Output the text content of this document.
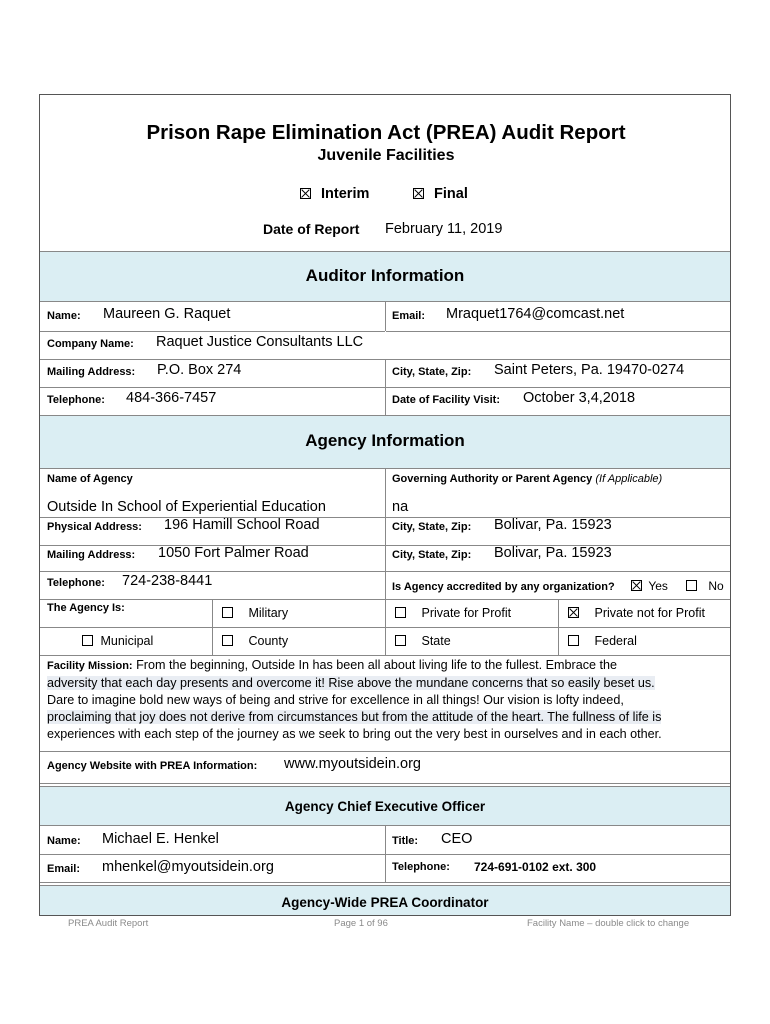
Prison Rape Elimination Act (PREA) Audit Report
Juvenile Facilities
Interim	Final
Date of Report February 11, 2019
Auditor Information
Name: Maureen G. Raquet	Email: Mraquet1764@comcast.net
Company Name: Raquet Justice Consultants LLC
Mailing Address: P.O. Box 274	City, State, Zip: Saint Peters, Pa. 19470-0274
Telephone: 484-366-7457	Date of Facility Visit: October 3,4,2018
Agency Information
Name of Agency
Outside In School of Experiential Education
Governing Authority or Parent Agency (If Applicable)
na
Physical Address: 196 Hamill School Road	City, State, Zip: Bolivar, Pa. 15923
Mailing Address: 1050 Fort Palmer Road	City, State, Zip: Bolivar, Pa. 15923
Telephone: 724-238-8441	Is Agency accredited by any organization?	Yes	No
The Agency Is:	Military	Private for Profit	Private not for Profit
Municipal	County	State	Federal
Facility Mission: From the beginning, Outside In has been all about living life to the fullest. Embrace the
adversity that each day presents and overcome it! Rise above the mundane concerns that so easily beset us.
Dare to imagine bold new ways of being and strive for excellence in all things! Our vision is lofty indeed,
proclaiming that joy does not derive from circumstances but from the attitude of the heart. The fullness of life is
experiences with each step of the journey as we seek to bring out the very best in ourselves and in each other.
Agency Website with PREA Information: www.myoutsidein.org
Agency Chief Executive Officer
Name: Michael E. Henkel	Title: CEO
Email: mhenkel@myoutsidein.org	Telephone: 724-691-0102 ext. 300
Agency-Wide PREA Coordinator
PREA Audit Report	Page 1 of 96	Facility Name – double click to change
